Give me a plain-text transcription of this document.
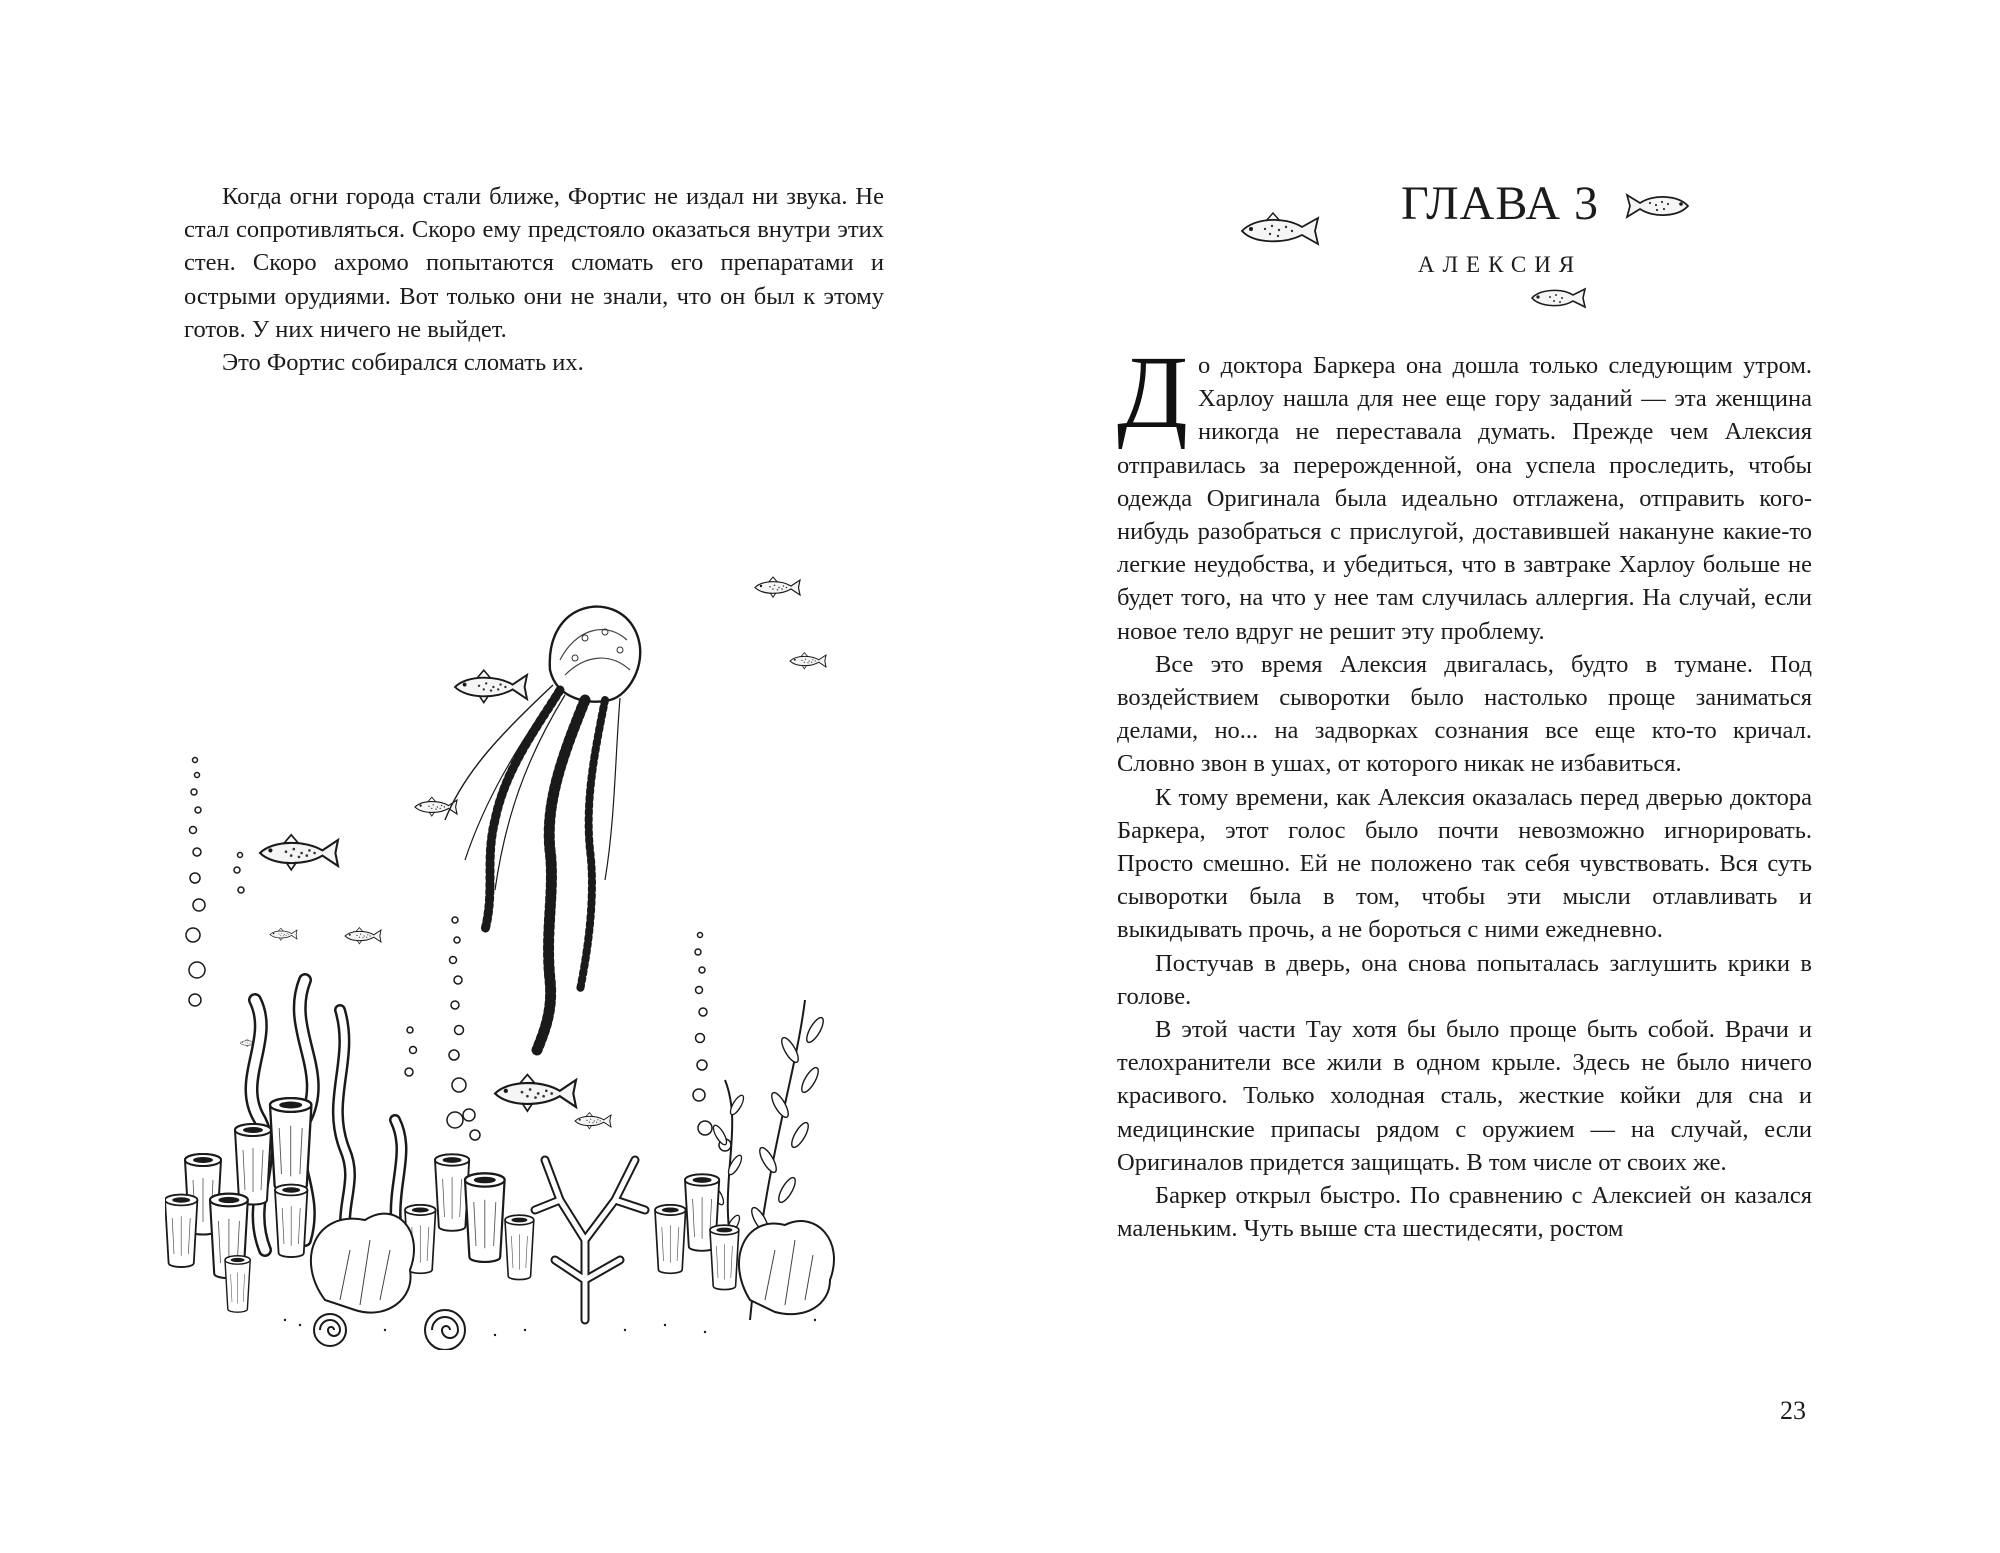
Когда огни города стали ближе, Фортис не издал ни звука. Не стал сопротивляться. Скоро ему предстояло оказаться внутри этих стен. Скоро ахромо попытаются сломать его препаратами и острыми орудиями. Вот только они не знали, что он был к этому готов. У них ничего не выйдет.

Это Фортис собирался сломать их.

ГЛАВА 3
АЛЕКСИЯ

До доктора Баркера она дошла только следующим утром. Харлоу нашла для нее еще гору заданий — эта женщина никогда не переставала думать. Прежде чем Алексия отправилась за перерожденной, она успела проследить, чтобы одежда Оригинала была идеально отглажена, отправить кого-нибудь разобраться с прислугой, доставившей накануне какие-то легкие неудобства, и убедиться, что в завтраке Харлоу больше не будет того, на что у нее там случилась аллергия. На случай, если новое тело вдруг не решит эту проблему.

Все это время Алексия двигалась, будто в тумане. Под воздействием сыворотки было настолько проще заниматься делами, но... на задворках сознания все еще кто-то кричал. Словно звон в ушах, от которого никак не избавиться.

К тому времени, как Алексия оказалась перед дверью доктора Баркера, этот голос было почти невозможно игнорировать. Просто смешно. Ей не положено так себя чувствовать. Вся суть сыворотки была в том, чтобы эти мысли отлавливать и выкидывать прочь, а не бороться с ними ежедневно.

Постучав в дверь, она снова попыталась заглушить крики в голове.

В этой части Тау хотя бы было проще быть собой. Врачи и телохранители все жили в одном крыле. Здесь не было ничего красивого. Только холодная сталь, жесткие койки для сна и медицинские припасы рядом с оружием — на случай, если Оригиналов придется защищать. В том числе от своих же.

Баркер открыл быстро. По сравнению с Алексией он казался маленьким. Чуть выше ста шестидесяти, ростом

23
